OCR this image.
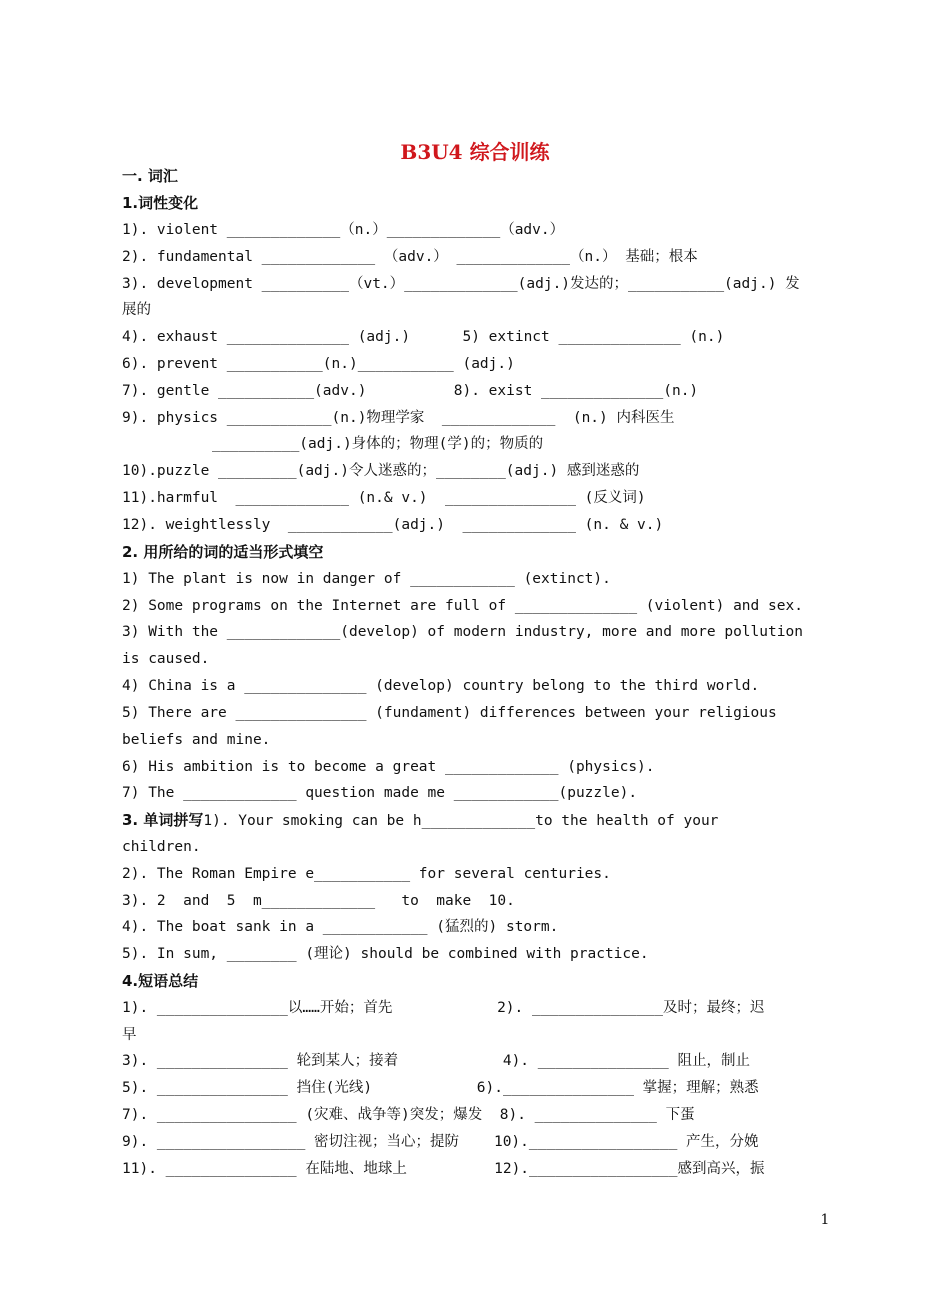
B3U4 综合训练
一. 词汇
1.词性变化
1). violent _____________（n.）_____________（adv.）
2). fundamental _____________ （adv.） _____________（n.） 基础；根本
3). development __________（vt.）_____________(adj.)发达的；___________(adj.) 发
展的
4). exhaust ______________ (adj.)      5) extinct ______________ (n.)
6). prevent ___________(n.)___________ (adj.)
7). gentle ___________(adv.)          8). exist ______________(n.)
9). physics ____________(n.)物理学家  _____________  (n.) 内科医生
__________(adj.)身体的；物理(学)的；物质的
10).puzzle _________(adj.)令人迷惑的；________(adj.) 感到迷惑的
11).harmful  _____________ (n.& v.)  _______________ (反义词)
12). weightlessly  ____________(adj.)  _____________ (n. & v.)
2. 用所给的词的适当形式填空
1) The plant is now in danger of ____________ (extinct).
2) Some programs on the Internet are full of ______________ (violent) and sex.
3) With the _____________(develop) of modern industry, more and more pollution
is caused.
4) China is a ______________ (develop) country belong to the third world.
5) There are _______________ (fundament) differences between your religious
beliefs and mine.
6) His ambition is to become a great _____________ (physics).
7) The _____________ question made me ____________(puzzle).
3. 单词拼写1). Your smoking can be h_____________to the health of your
children.
2). The Roman Empire e___________ for several centuries.
3). 2  and  5  m_____________   to  make  10.
4). The boat sank in a ____________ (猛烈的) storm.
5). In sum, ________ (理论) should be combined with practice.
4.短语总结
1). _______________以……开始；首先            2). _______________及时；最终；迟
早
3). _______________ 轮到某人；接着            4). _______________ 阻止，制止
5). _______________ 挡住(光线)            6)._______________ 掌握；理解；熟悉
7). ________________ (灾难、战争等)突发；爆发  8). ______________ 下蛋
9). _________________ 密切注视；当心；提防    10)._________________ 产生，分娩
11). _______________ 在陆地、地球上          12)._________________感到高兴，振
1
